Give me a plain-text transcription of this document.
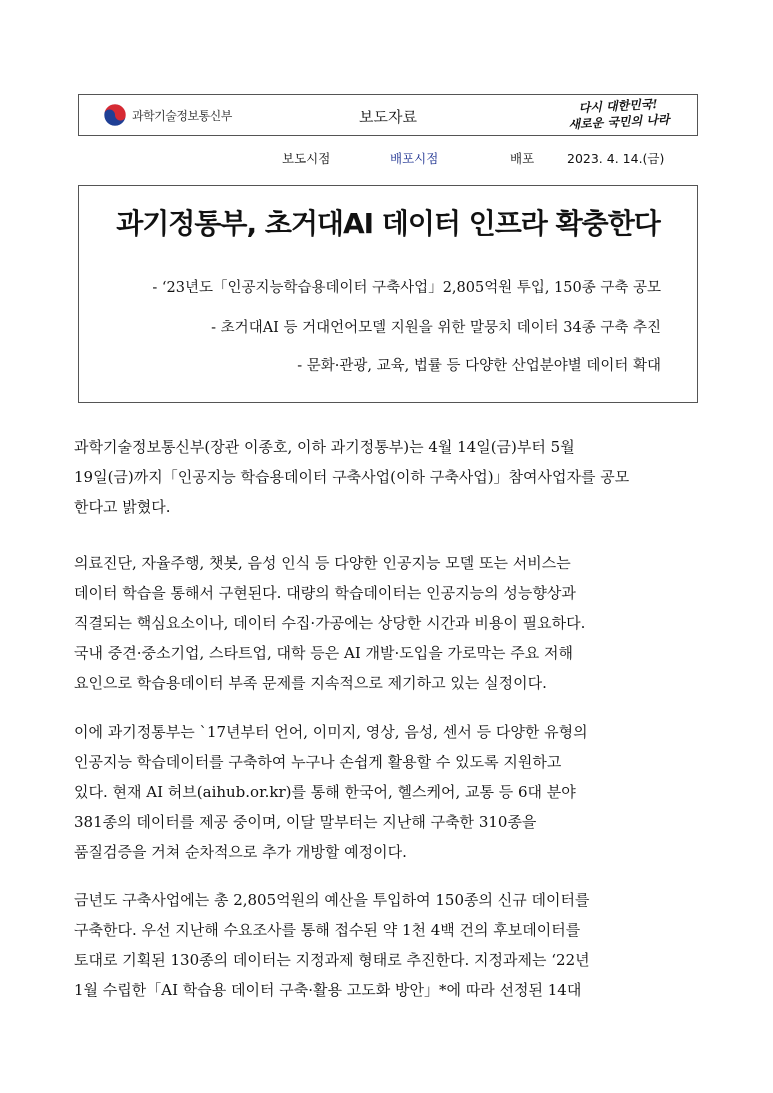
과학기술정보통신부	보도자료
다시 대한민국!
새로운 국민의 나라
보도시점	배포시점	배포	2023. 4. 14.(금)
과기정통부, 초거대AI 데이터 인프라 확충한다
- ‘23년도「인공지능학습용데이터 구축사업」2,805억원 투입, 150종 구축 공모
- 초거대AI 등 거대언어모델 지원을 위한 말뭉치 데이터 34종 구축 추진
- 문화·관광, 교육, 법률 등 다양한 산업분야별 데이터 확대
과학기술정보통신부(장관 이종호, 이하 과기정통부)는 4월 14일(금)부터 5월
19일(금)까지「인공지능 학습용데이터 구축사업(이하 구축사업)」참여사업자를 공모
한다고 밝혔다.
의료진단, 자율주행, 챗봇, 음성 인식 등 다양한 인공지능 모델 또는 서비스는
데이터 학습을 통해서 구현된다. 대량의 학습데이터는 인공지능의 성능향상과
직결되는 핵심요소이나, 데이터 수집·가공에는 상당한 시간과 비용이 필요하다.
국내 중견·중소기업, 스타트업, 대학 등은 AI 개발·도입을 가로막는 주요 저해
요인으로 학습용데이터 부족 문제를 지속적으로 제기하고 있는 실정이다.
이에 과기정통부는 `17년부터 언어, 이미지, 영상, 음성, 센서 등 다양한 유형의
인공지능 학습데이터를 구축하여 누구나 손쉽게 활용할 수 있도록 지원하고
있다. 현재 AI 허브(aihub.or.kr)를 통해 한국어, 헬스케어, 교통 등 6대 분야
381종의 데이터를 제공 중이며, 이달 말부터는 지난해 구축한 310종을
품질검증을 거쳐 순차적으로 추가 개방할 예정이다.
금년도 구축사업에는 총 2,805억원의 예산을 투입하여 150종의 신규 데이터를
구축한다. 우선 지난해 수요조사를 통해 접수된 약 1천 4백 건의 후보데이터를
토대로 기획된 130종의 데이터는 지정과제 형태로 추진한다. 지정과제는 ‘22년
1월 수립한「AI 학습용 데이터 구축·활용 고도화 방안」*에 따라 선정된 14대
